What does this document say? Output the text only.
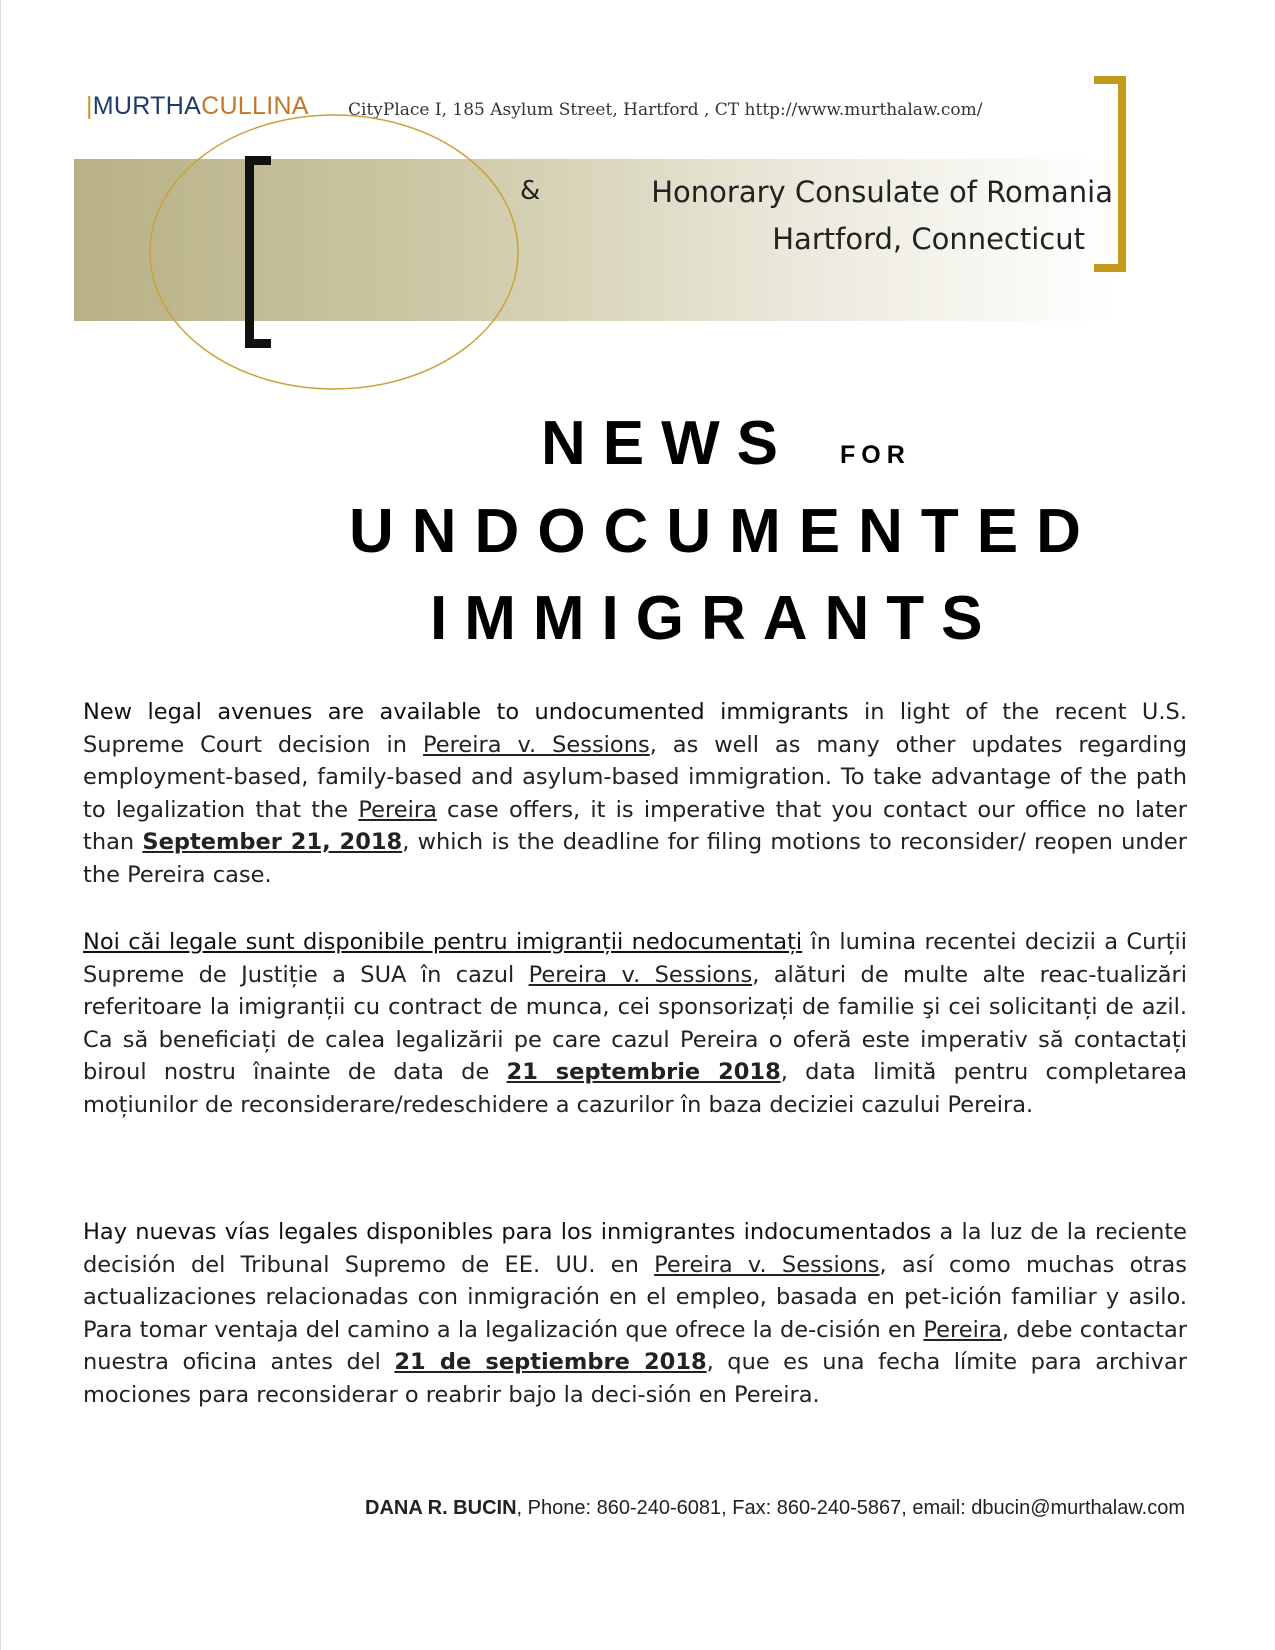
|MURTHACULLINA CityPlace I, 185 Asylum Street, Hartford , CT http://www.murthalaw.com/
&	Honorary Consulate of Romania
Hartford, Connecticut
NEWS FOR
UNDOCUMENTED
IMMIGRANTS
New legal avenues are available to undocumented immigrants in light of the recent U.S. Supreme Court decision in Pereira v. Sessions, as well as many other updates regarding employment-based, family-based and asylum-based immigration. To take advantage of the path to legalization that the Pereira case offers, it is imperative that you contact our office no later than September 21, 2018, which is the deadline for filing motions to reconsider/ reopen under the Pereira case.
Noi căi legale sunt disponibile pentru imigranții nedocumentați în lumina recentei decizii a Curții Supreme de Justiție a SUA în cazul Pereira v. Sessions, alături de multe alte reac-tualizări referitoare la imigranții cu contract de munca, cei sponsorizați de familie şi cei solicitanți de azil. Ca să beneficiați de calea legalizării pe care cazul Pereira o oferă este imperativ să contactați biroul nostru înainte de data de 21 septembrie 2018, data limită pentru completarea moțiunilor de reconsiderare/redeschidere a cazurilor în baza deciziei cazului Pereira.
Hay nuevas vías legales disponibles para los inmigrantes indocumentados a la luz de la reciente decisión del Tribunal Supremo de EE. UU. en Pereira v. Sessions, así como muchas otras actualizaciones relacionadas con inmigración en el empleo, basada en pet-ición familiar y asilo. Para tomar ventaja del camino a la legalización que ofrece la de-cisión en Pereira, debe contactar nuestra oficina antes del 21 de septiembre 2018, que es una fecha límite para archivar mociones para reconsiderar o reabrir bajo la deci-sión en Pereira.
DANA R. BUCIN, Phone: 860-240-6081, Fax: 860-240-5867, email: dbucin@murthalaw.com
